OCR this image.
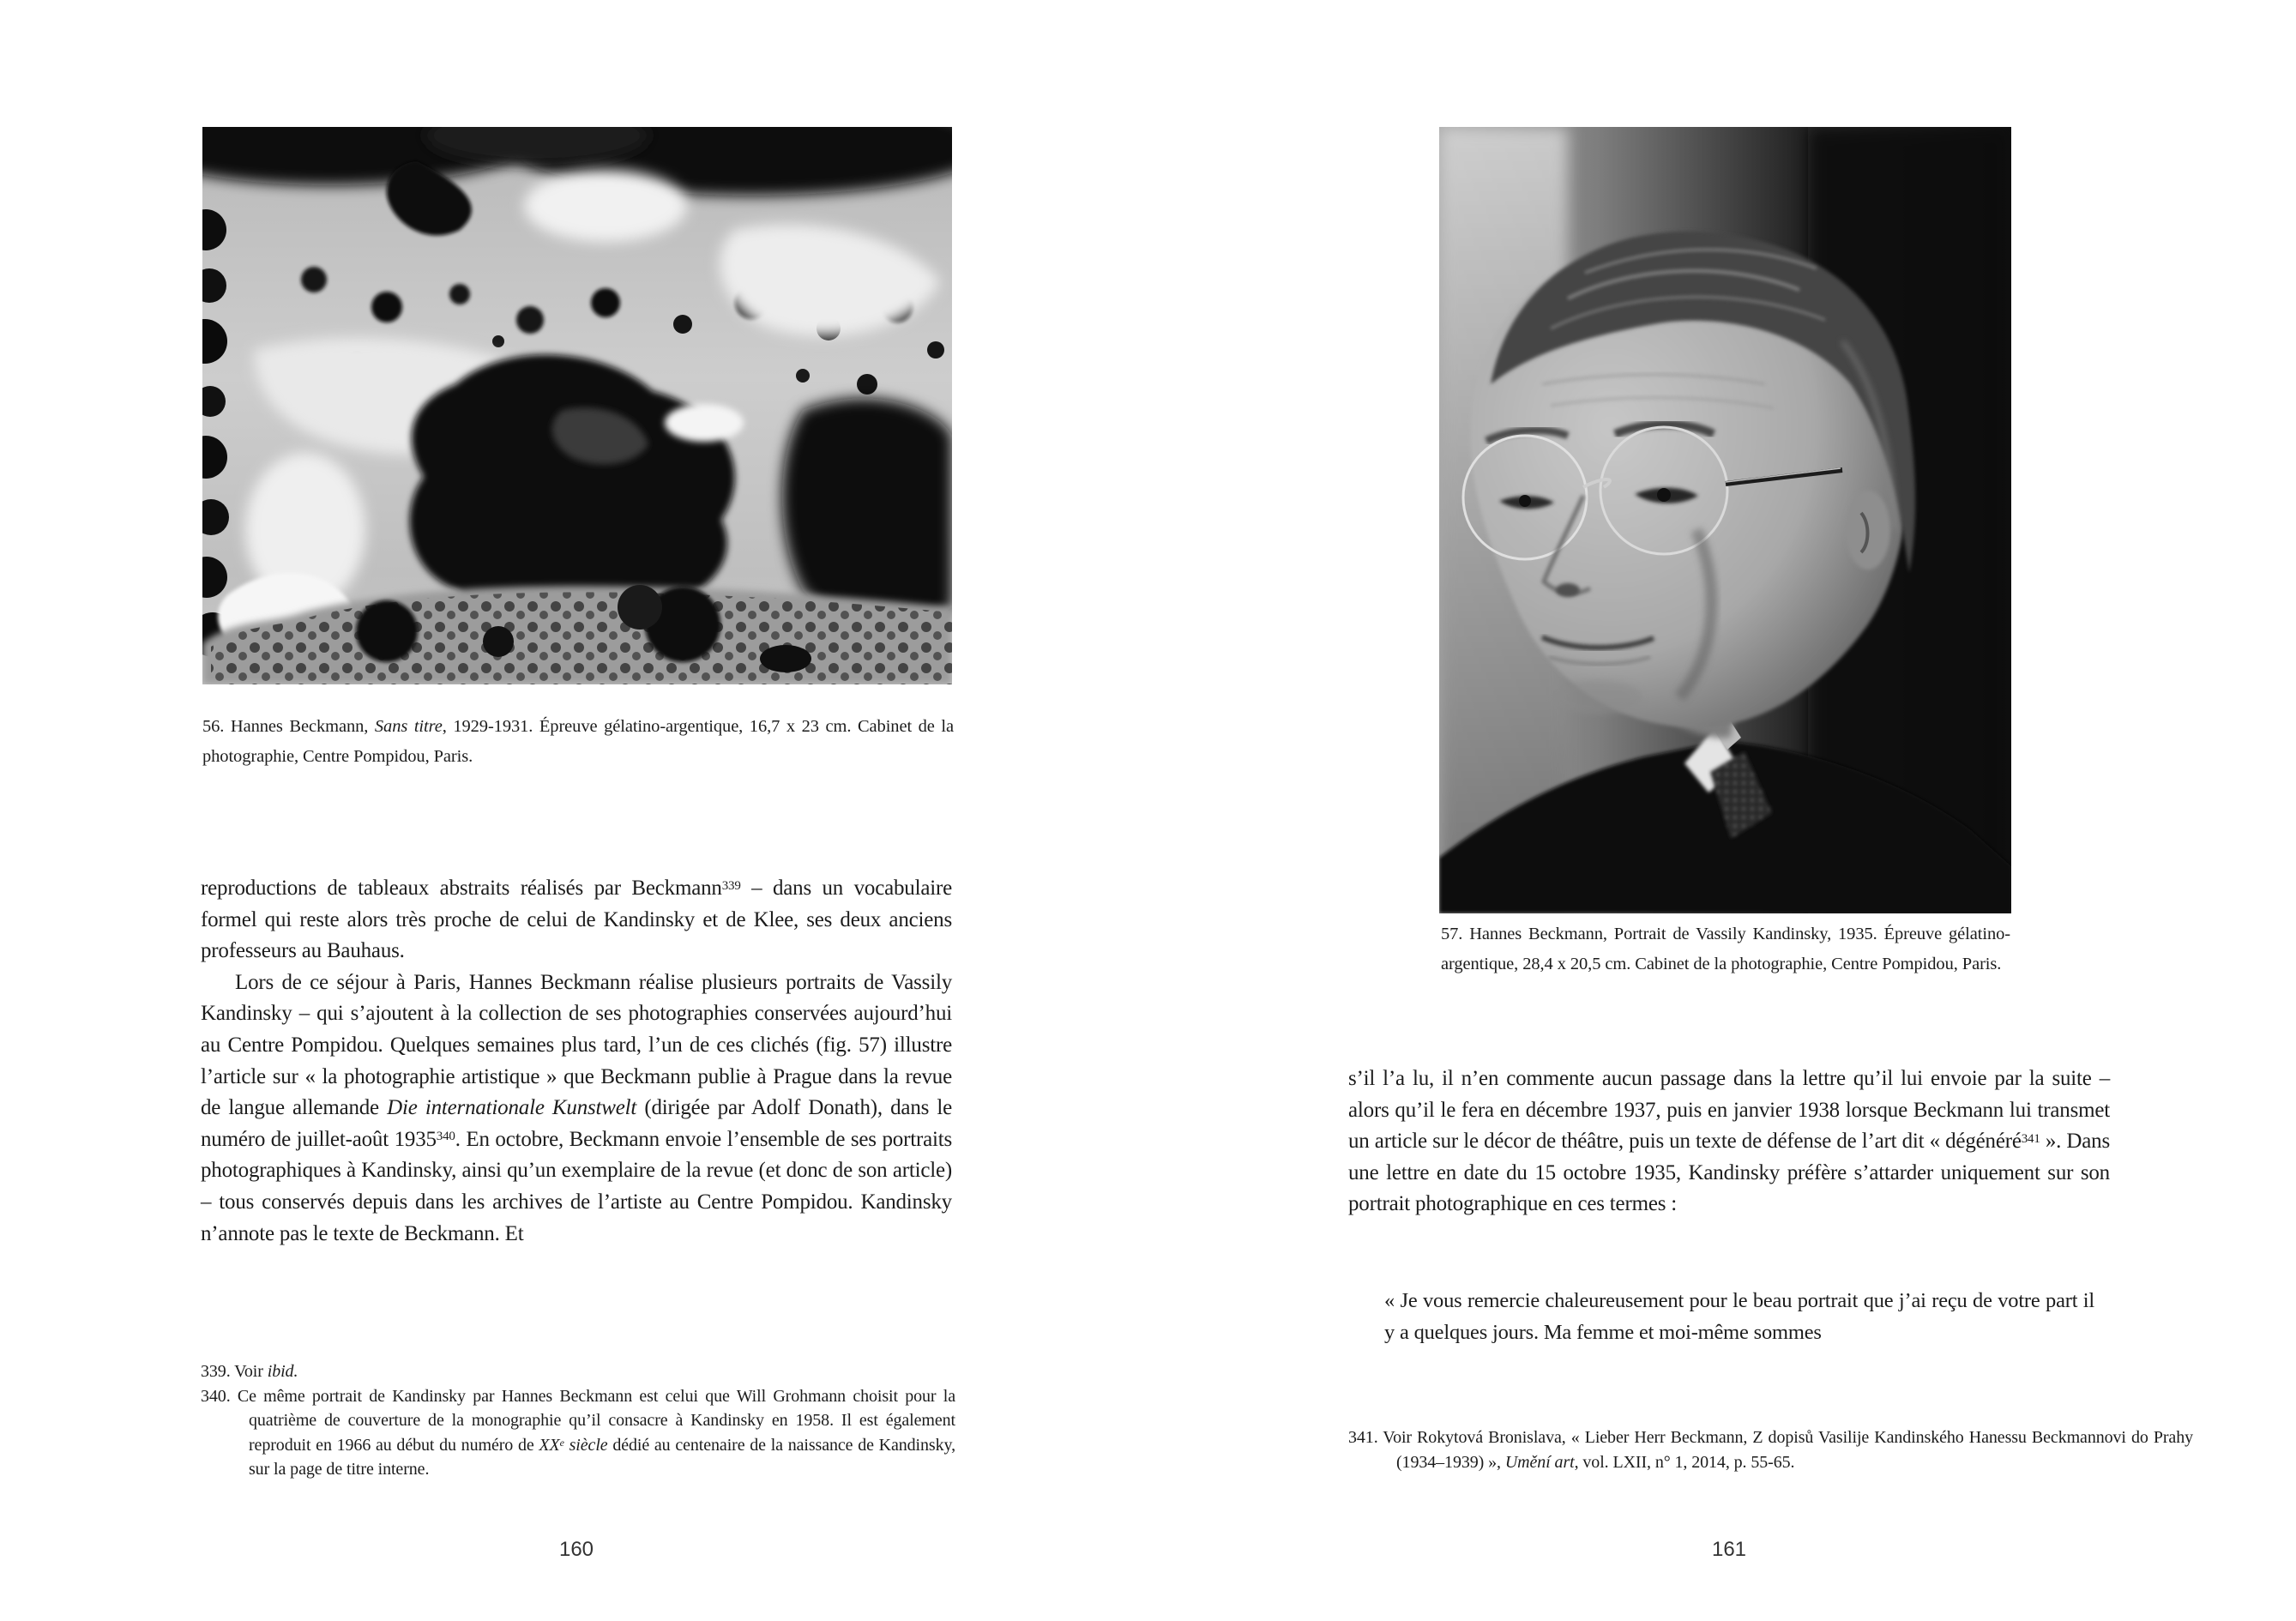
56. Hannes Beckmann, Sans titre, 1929-1931. Épreuve gélatino-argentique, 16,7 x 23 cm. Cabinet de la photographie, Centre Pompidou, Paris.

reproductions de tableaux abstraits réalisés par Beckmann$^{339}$ – dans un vocabulaire formel qui reste alors très proche de celui de Kandinsky et de Klee, ses deux anciens professeurs au Bauhaus.

Lors de ce séjour à Paris, Hannes Beckmann réalise plusieurs portraits de Vassily Kandinsky – qui s’ajoutent à la collection de ses photographies conservées aujourd’hui au Centre Pompidou. Quelques semaines plus tard, l’un de ces clichés (fig. 57) illustre l’article sur « la photographie artistique » que Beckmann publie à Prague dans la revue de langue allemande Die internationale Kunstwelt (dirigée par Adolf Donath), dans le numéro de juillet-août 1935$^{340}$. En octobre, Beckmann envoie l’ensemble de ses portraits photographiques à Kandinsky, ainsi qu’un exemplaire de la revue (et donc de son article) – tous conservés depuis dans les archives de l’artiste au Centre Pompidou. Kandinsky n’annote pas le texte de Beckmann. Et

339. Voir ibid.

340. Ce même portrait de Kandinsky par Hannes Beckmann est celui que Will Grohmann choisit pour la quatrième de couverture de la monographie qu’il consacre à Kandinsky en 1958. Il est également reproduit en 1966 au début du numéro de XXe siècle dédié au centenaire de la naissance de Kandinsky, sur la page de titre interne.

160
57. Hannes Beckmann, Portrait de Vassily Kandinsky, 1935. Épreuve gélatino-argentique, 28,4 x 20,5 cm. Cabinet de la photographie, Centre Pompidou, Paris.

s’il l’a lu, il n’en commente aucun passage dans la lettre qu’il lui envoie par la suite – alors qu’il le fera en décembre 1937, puis en janvier 1938 lorsque Beckmann lui transmet un article sur le décor de théâtre, puis un texte de défense de l’art dit « dégénéré$^{341}$ ». Dans une lettre en date du 15 octobre 1935, Kandinsky préfère s’attarder uniquement sur son portrait photographique en ces termes :

« Je vous remercie chaleureusement pour le beau portrait que j’ai reçu de votre part il y a quelques jours. Ma femme et moi-même sommes

341. Voir Rokytová Bronislava, « Lieber Herr Beckmann, Z dopisů Vasilije Kandinského Hanessu Beckmannovi do Prahy (1934–1939) », Umění art, vol. LXII, n° 1, 2014, p. 55-65.

161
